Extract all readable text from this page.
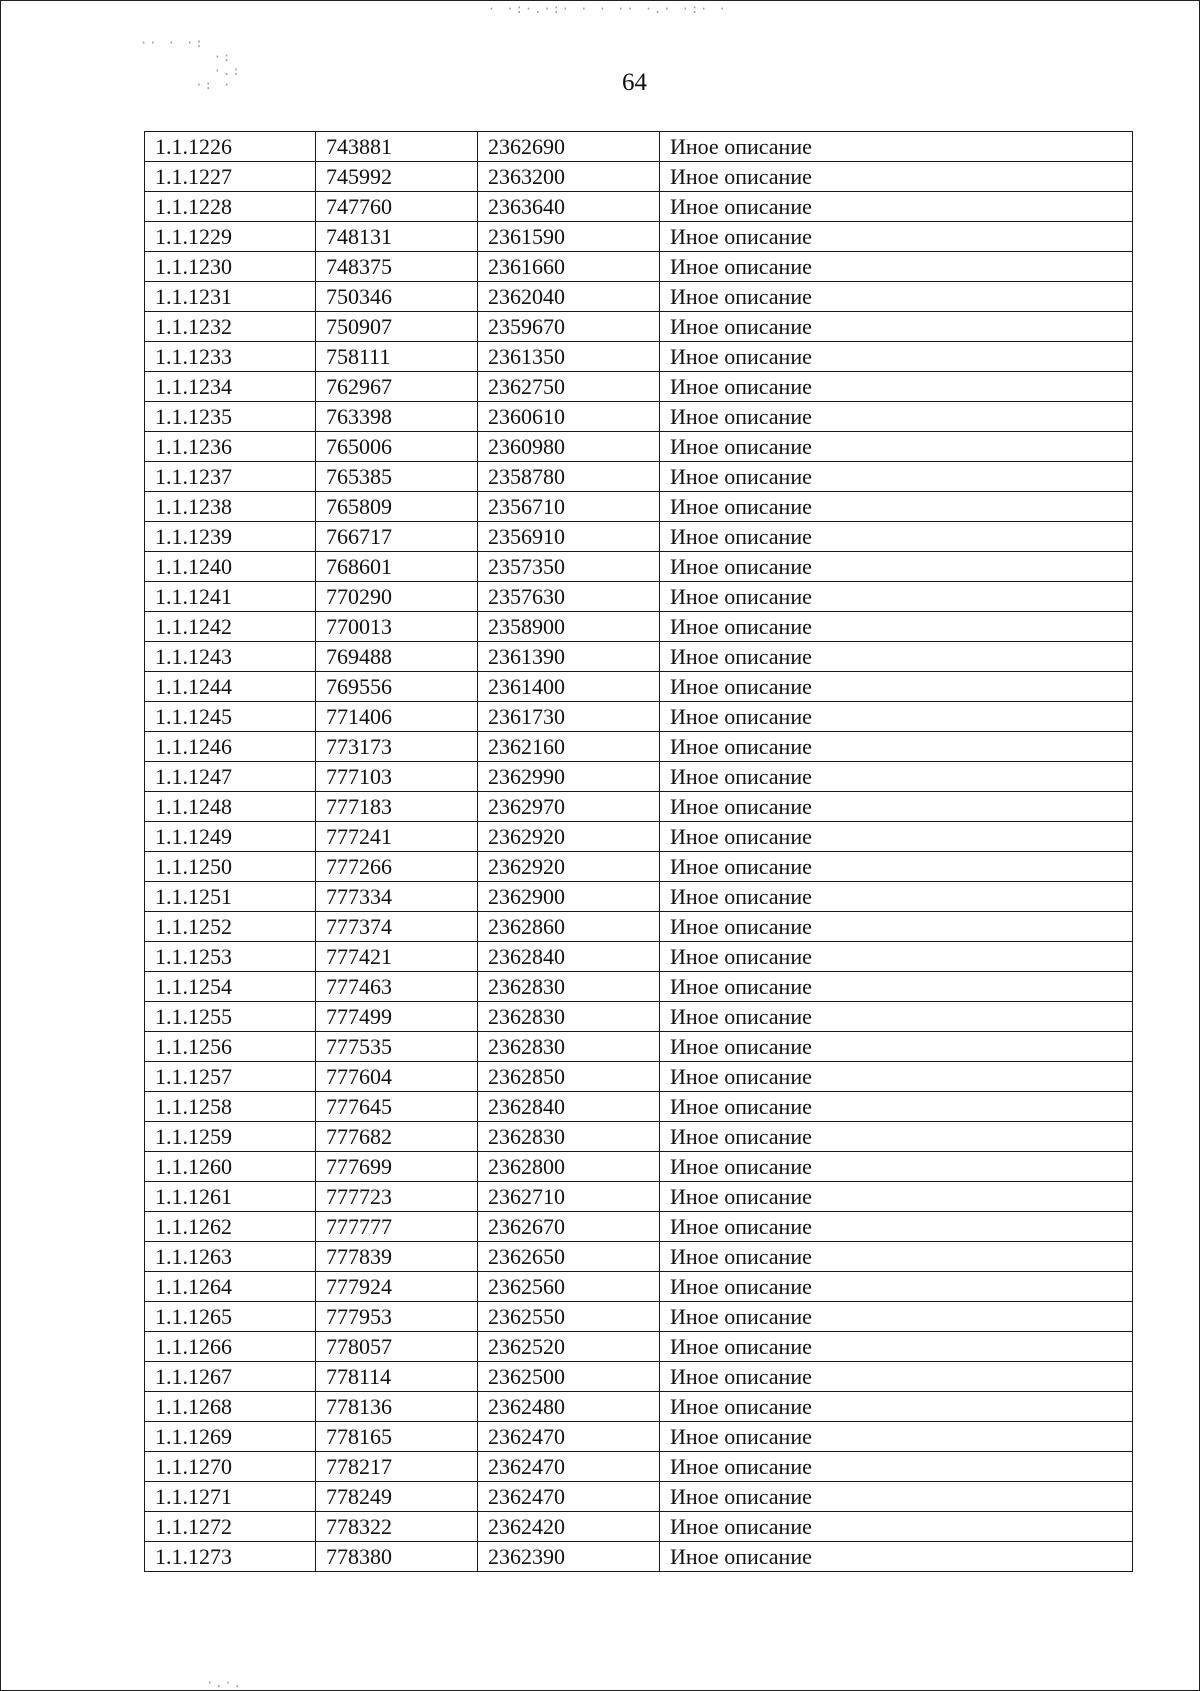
· ·:·.·:· · · ·· ·.· ·:· ·
·· · ·:
·:
·.:
·: ·
·.·.
64
1.1.1226	743881	2362690	Иное описание
1.1.1227	745992	2363200	Иное описание
1.1.1228	747760	2363640	Иное описание
1.1.1229	748131	2361590	Иное описание
1.1.1230	748375	2361660	Иное описание
1.1.1231	750346	2362040	Иное описание
1.1.1232	750907	2359670	Иное описание
1.1.1233	758111	2361350	Иное описание
1.1.1234	762967	2362750	Иное описание
1.1.1235	763398	2360610	Иное описание
1.1.1236	765006	2360980	Иное описание
1.1.1237	765385	2358780	Иное описание
1.1.1238	765809	2356710	Иное описание
1.1.1239	766717	2356910	Иное описание
1.1.1240	768601	2357350	Иное описание
1.1.1241	770290	2357630	Иное описание
1.1.1242	770013	2358900	Иное описание
1.1.1243	769488	2361390	Иное описание
1.1.1244	769556	2361400	Иное описание
1.1.1245	771406	2361730	Иное описание
1.1.1246	773173	2362160	Иное описание
1.1.1247	777103	2362990	Иное описание
1.1.1248	777183	2362970	Иное описание
1.1.1249	777241	2362920	Иное описание
1.1.1250	777266	2362920	Иное описание
1.1.1251	777334	2362900	Иное описание
1.1.1252	777374	2362860	Иное описание
1.1.1253	777421	2362840	Иное описание
1.1.1254	777463	2362830	Иное описание
1.1.1255	777499	2362830	Иное описание
1.1.1256	777535	2362830	Иное описание
1.1.1257	777604	2362850	Иное описание
1.1.1258	777645	2362840	Иное описание
1.1.1259	777682	2362830	Иное описание
1.1.1260	777699	2362800	Иное описание
1.1.1261	777723	2362710	Иное описание
1.1.1262	777777	2362670	Иное описание
1.1.1263	777839	2362650	Иное описание
1.1.1264	777924	2362560	Иное описание
1.1.1265	777953	2362550	Иное описание
1.1.1266	778057	2362520	Иное описание
1.1.1267	778114	2362500	Иное описание
1.1.1268	778136	2362480	Иное описание
1.1.1269	778165	2362470	Иное описание
1.1.1270	778217	2362470	Иное описание
1.1.1271	778249	2362470	Иное описание
1.1.1272	778322	2362420	Иное описание
1.1.1273	778380	2362390	Иное описание
